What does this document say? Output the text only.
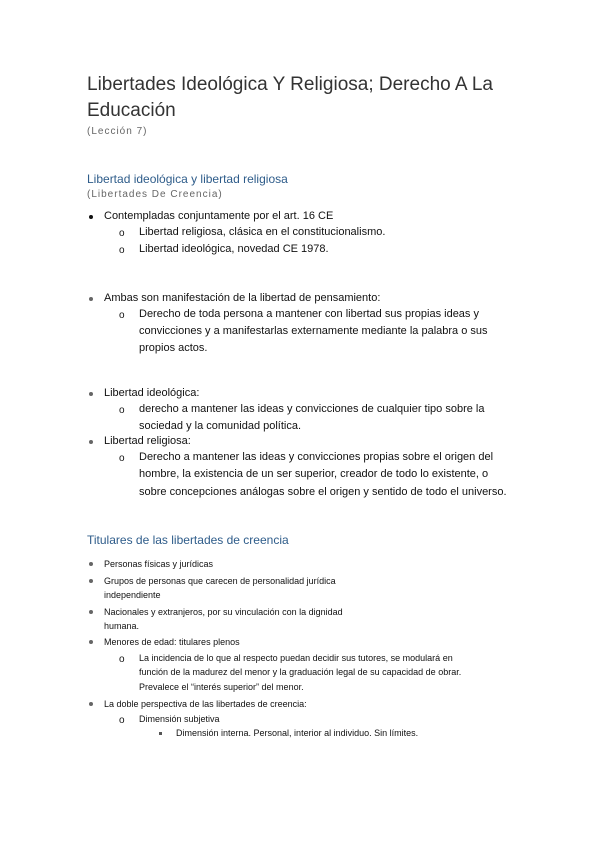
Libertades Ideológica Y Religiosa; Derecho A La Educación
(Lección 7)
Libertad ideológica y libertad religiosa
(Libertades De Creencia)
Contempladas conjuntamente por el art. 16 CE
o Libertad religiosa, clásica en el constitucionalismo.
o Libertad ideológica, novedad CE 1978.
Ambas son manifestación de la libertad de pensamiento:
o Derecho de toda persona a mantener con libertad sus propias ideas y
convicciones y a manifestarlas externamente mediante la palabra o sus
propios actos.
Libertad ideológica:
o derecho a mantener las ideas y convicciones de cualquier tipo sobre la
sociedad y la comunidad política.
Libertad religiosa:
o Derecho a mantener las ideas y convicciones propias sobre el origen del
hombre, la existencia de un ser superior, creador de todo lo existente, o
sobre concepciones análogas sobre el origen y sentido de todo el universo.
Titulares de las libertades de creencia
Personas físicas y jurídicas
Grupos de personas que carecen de personalidad jurídica
independiente
Nacionales y extranjeros, por su vinculación con la dignidad
humana.
Menores de edad: titulares plenos
o La incidencia de lo que al respecto puedan decidir sus tutores, se modulará en
función de la madurez del menor y la graduación legal de su capacidad de obrar.
Prevalece el “interés superior” del menor.
La doble perspectiva de las libertades de creencia:
o Dimensión subjetiva
Dimensión interna. Personal, interior al individuo. Sin límites.
